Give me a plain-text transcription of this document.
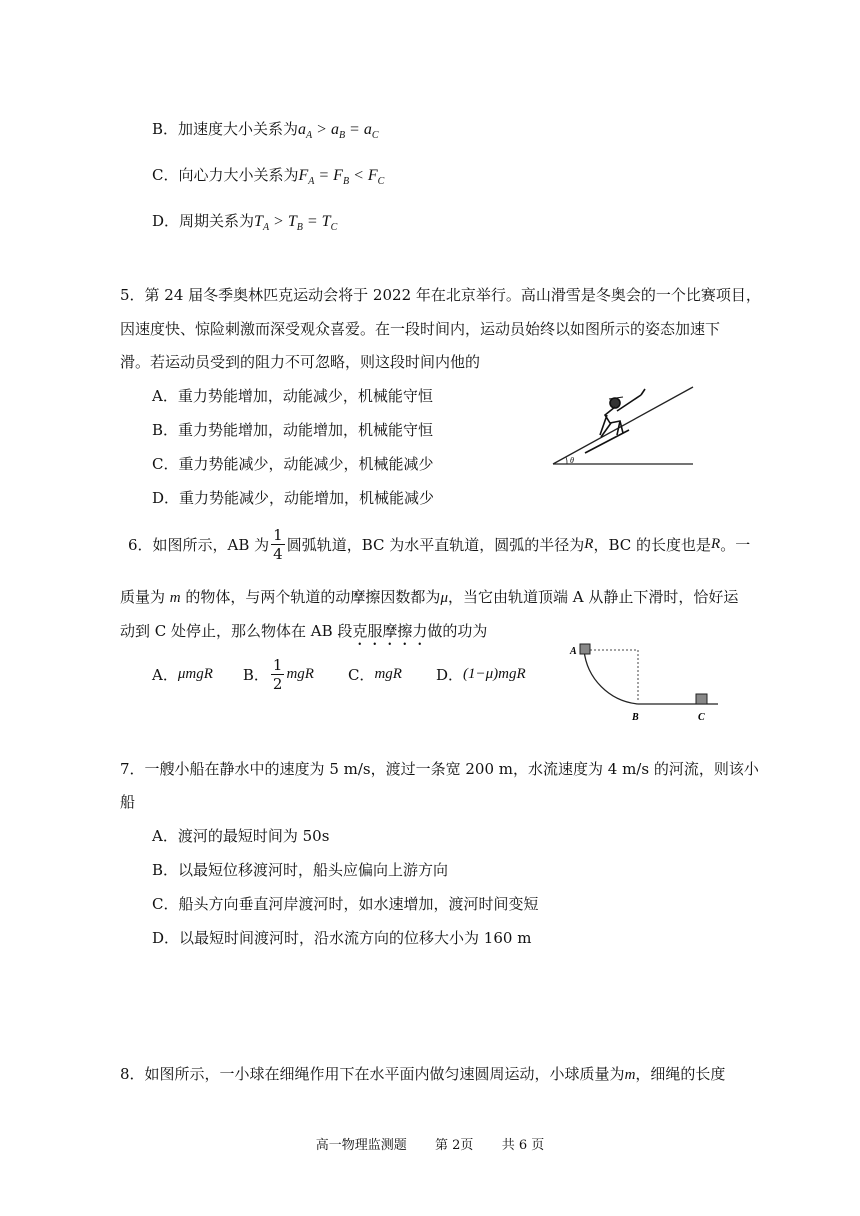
B．加速度大小关系为$a_A > a_B = a_C$
C．向心力大小关系为$F_A = F_B < F_C$
D．周期关系为$T_A > T_B = T_C$
5．第 24 届冬季奥林匹克运动会将于 2022 年在北京举行。高山滑雪是冬奥会的一个比赛项目，
因速度快、惊险刺激而深受观众喜爱。在一段时间内，运动员始终以如图所示的姿态加速下
滑。若运动员受到的阻力不可忽略，则这段时间内他的
A．重力势能增加，动能减少，机械能守恒
B．重力势能增加，动能增加，机械能守恒
C．重力势能减少，动能减少，机械能减少
D．重力势能减少，动能增加，机械能减少
θ
6．如图所示，AB 为 $\frac{1}{4}$ 圆弧轨道，BC 为水平直轨道，圆弧的半径为 R ，BC 的长度也是 R 。一
质量为 m 的物体，与两个轨道的动摩擦因数都为μ，当它由轨道顶端 A 从静止下滑时，恰好运
动到 C 处停止，那么物体在 AB 段克服摩擦力做的功为
A． μmgR B． $\frac{1}{2}$ mgR C． mgR D． (1−μ)mgR
A
B	C
7．一艘小船在静水中的速度为 5 m/s，渡过一条宽 200 m，水流速度为 4 m/s 的河流，则该小
船
A．渡河的最短时间为 50s
B．以最短位移渡河时，船头应偏向上游方向
C．船头方向垂直河岸渡河时，如水速增加，渡河时间变短
D．以最短时间渡河时，沿水流方向的位移大小为 160 m
8．如图所示，一小球在细绳作用下在水平面内做匀速圆周运动，小球质量为m，细绳的长度
高一物理监测题 第 2页 共 6 页
